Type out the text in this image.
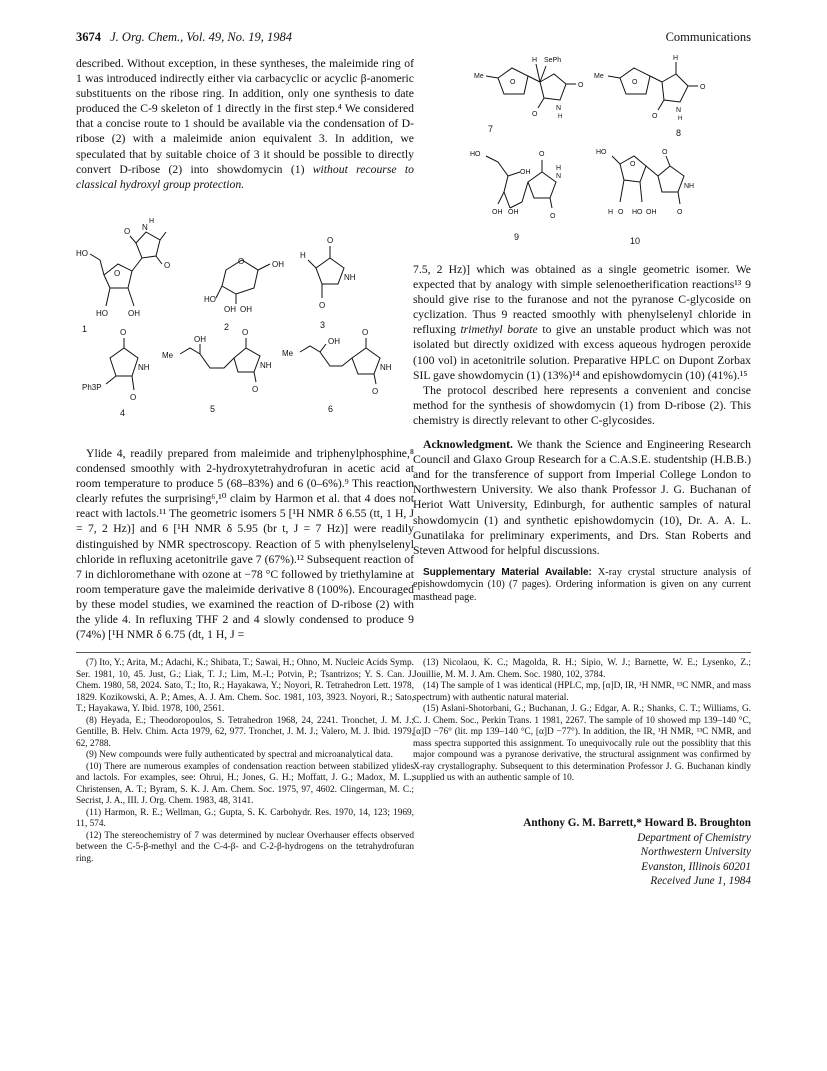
3674 J. Org. Chem., Vol. 49, No. 19, 1984	Communications

described. Without exception, in these syntheses, the maleimide ring of 1 was introduced indirectly either via carbacyclic or acyclic β-anomeric substituents on the ribose ring. In addition, only one synthesis to date produced the C-9 skeleton of 1 directly in the first step.⁴ We considered that a concise route to 1 should be available via the condensation of D-ribose (2) with a maleimide anion equivalent 3. In addition, we speculated that by suitable choice of 3 it should be possible to directly convert D-ribose (2) into showdomycin (1) without recourse to classical hydroxyl group protection.

HO
O
HO	OH
N
H
O
O
1
O	OH
HO
OH OH
2
O
H
NH
O
3
O
NH
Ph3P
O
4
Me
OH
O
NH
O
5
Me
OH
O
NH
O
6

Ylide 4, readily prepared from maleimide and triphenylphosphine,⁸ condensed smoothly with 2-hydroxytetrahydrofuran in acetic acid at room temperature to produce 5 (68–83%) and 6 (0–6%).⁹ This reaction clearly refutes the surprising⁶,¹⁰ claim by Harmon et al. that 4 does not react with lactols.¹¹ The geometric isomers 5 [¹H NMR δ 6.55 (tt, 1 H, J = 7, 2 Hz)] and 6 [¹H NMR δ 5.95 (br t, J = 7 Hz)] were readily distinguished by NMR spectroscopy. Reaction of 5 with phenylselenyl chloride in refluxing acetonitrile gave 7 (67%).¹² Subsequent reaction of 7 in dichloromethane with ozone at −78 °C followed by triethylamine at room temperature gave the maleimide derivative 8 (100%). Encouraged by these model studies, we examined the reaction of D-ribose (2) with the ylide 4. In refluxing THF 2 and 4 slowly condensed to produce 9 (74%) [¹H NMR δ 6.75 (dt, 1 H, J =

Me
O
H SePh
O
N
H
O
7
Me
O
H
O
N
H
O
8
HO
OH
OH OH
O
H
N
O
9
HO
O
H O HO OH
O
NH
O
10

7.5, 2 Hz)] which was obtained as a single geometric isomer. We expected that by analogy with simple selenoetherification reactions¹³ 9 should give rise to the furanose and not the pyranose C-glycoside on cyclization. Thus 9 reacted smoothly with phenylselenyl chloride in refluxing trimethyl borate to give an unstable product which was not isolated but directly oxidized with excess aqueous hydrogen peroxide (100 vol) in acetonitrile solution. Preparative HPLC on Dupont Zorbax SIL gave showdomycin (1) (13%)¹⁴ and epishowdomycin (10) (41%).¹⁵

The protocol described here represents a convenient and concise method for the synthesis of showdomycin (1) from D-ribose (2). This chemistry is directly relevant to other C-glycosides.

Acknowledgment. We thank the Science and Engineering Research Council and Glaxo Group Research for a C.A.S.E. studentship (H.B.B.) and for the transference of support from Imperial College London to Northwestern University. We also thank Professor J. G. Buchanan of Heriot Watt University, Edinburgh, for authentic samples of natural showdomycin (1) and synthetic epishowdomycin (10), Dr. A. A. L. Gunatilaka for preliminary experiments, and Drs. Stan Roberts and Steven Attwood for helpful discussions.

Supplementary Material Available: X-ray crystal structure analysis of epishowdomycin (10) (7 pages). Ordering information is given on any current masthead page.

(7) Ito, Y.; Arita, M.; Adachi, K.; Shibata, T.; Sawai, H.; Ohno, M. Nucleic Acids Symp. Ser. 1981, 10, 45. Just, G.; Liak, T. J.; Lim, M.-I.; Potvin, P.; Tsantrizos; Y. S. Can. J. Chem. 1980, 58, 2024. Sato, T.; Ito, R.; Hayakawa, Y.; Noyori, R. Tetrahedron Lett. 1978, 1829. Kozikowski, A. P.; Ames, A. J. Am. Chem. Soc. 1981, 103, 3923. Noyori, R.; Sato, T.; Hayakawa, Y. Ibid. 1978, 100, 2561.

(8) Heyada, E.; Theodoropoulos, S. Tetrahedron 1968, 24, 2241. Tronchet, J. M. J.; Gentille, B. Helv. Chim. Acta 1979, 62, 977. Tronchet, J. M. J.; Valero, M. J. Ibid. 1979, 62, 2788.

(9) New compounds were fully authenticated by spectral and microanalytical data.

(10) There are numerous examples of condensation reaction between stabilized ylides and lactols. For examples, see: Ohrui, H.; Jones, G. H.; Moffatt, J. G.; Madox, M. L.; Christensen, A. T.; Byram, S. K. J. Am. Chem. Soc. 1975, 97, 4602. Clingerman, M. C.; Secrist, J. A., III. J. Org. Chem. 1983, 48, 3141.

(11) Harmon, R. E.; Wellman, G.; Gupta, S. K. Carbohydr. Res. 1970, 14, 123; 1969, 11, 574.

(12) The stereochemistry of 7 was determined by nuclear Overhauser effects observed between the C-5-β-methyl and the C-4-β- and C-2-β-hydrogens on the tetrahydrofuran ring.

(13) Nicolaou, K. C.; Magolda, R. H.; Sipio, W. J.; Barnette, W. E.; Lysenko, Z.; Jouillie, M. M. J. Am. Chem. Soc. 1980, 102, 3784.

(14) The sample of 1 was identical (HPLC, mp, [α]D, IR, ¹H NMR, ¹³C NMR, and mass spectrum) with authentic natural material.

(15) Aslani-Shotorbani, G.; Buchanan, J. G.; Edgar, A. R.; Shanks, C. T.; Williams, G. C. J. Chem. Soc., Perkin Trans. 1 1981, 2267. The sample of 10 showed mp 139–140 °C, [α]D −76° (lit. mp 139–140 °C, [α]D −77°). In addition, the IR, ¹H NMR, ¹³C NMR, and mass spectra supported this assignment. To unequivocally rule out the possiblity that this major compound was a pyranose derivative, the structural assignment was confirmed by X-ray crystallography. Subsequent to this determination Professor J. G. Buchanan kindly supplied us with an authentic sample of 10.

Anthony G. M. Barrett,* Howard B. Broughton
Department of Chemistry
Northwestern University
Evanston, Illinois 60201
Received June 1, 1984
